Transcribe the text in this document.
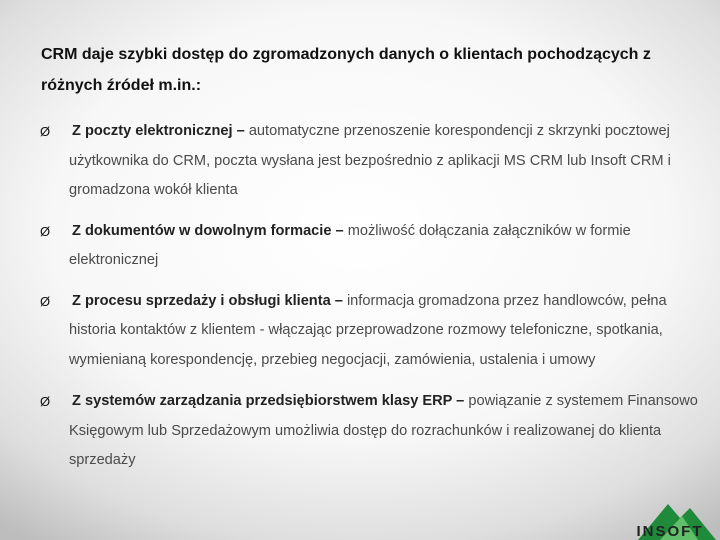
CRM daje szybki dostęp do zgromadzonych danych o klientach pochodzących z różnych źródeł m.in.:
Ø Z poczty elektronicznej – automatyczne przenoszenie korespondencji z skrzynki pocztowej użytkownika do CRM, poczta wysłana jest bezpośrednio z aplikacji MS CRM lub Insoft CRM i gromadzona wokół klienta
Ø Z dokumentów w dowolnym formacie – możliwość dołączania załączników w formie elektronicznej
Ø Z procesu sprzedaży i obsługi klienta – informacja gromadzona przez handlowców, pełna historia kontaktów z klientem - włączając przeprowadzone rozmowy telefoniczne, spotkania, wymienianą korespondencję, przebieg negocjacji, zamówienia, ustalenia i umowy
Ø Z systemów zarządzania przedsiębiorstwem klasy ERP – powiązanie z systemem Finansowo Księgowym lub Sprzedażowym umożliwia dostęp do rozrachunków i realizowanej do klienta sprzedaży
INSOFT
